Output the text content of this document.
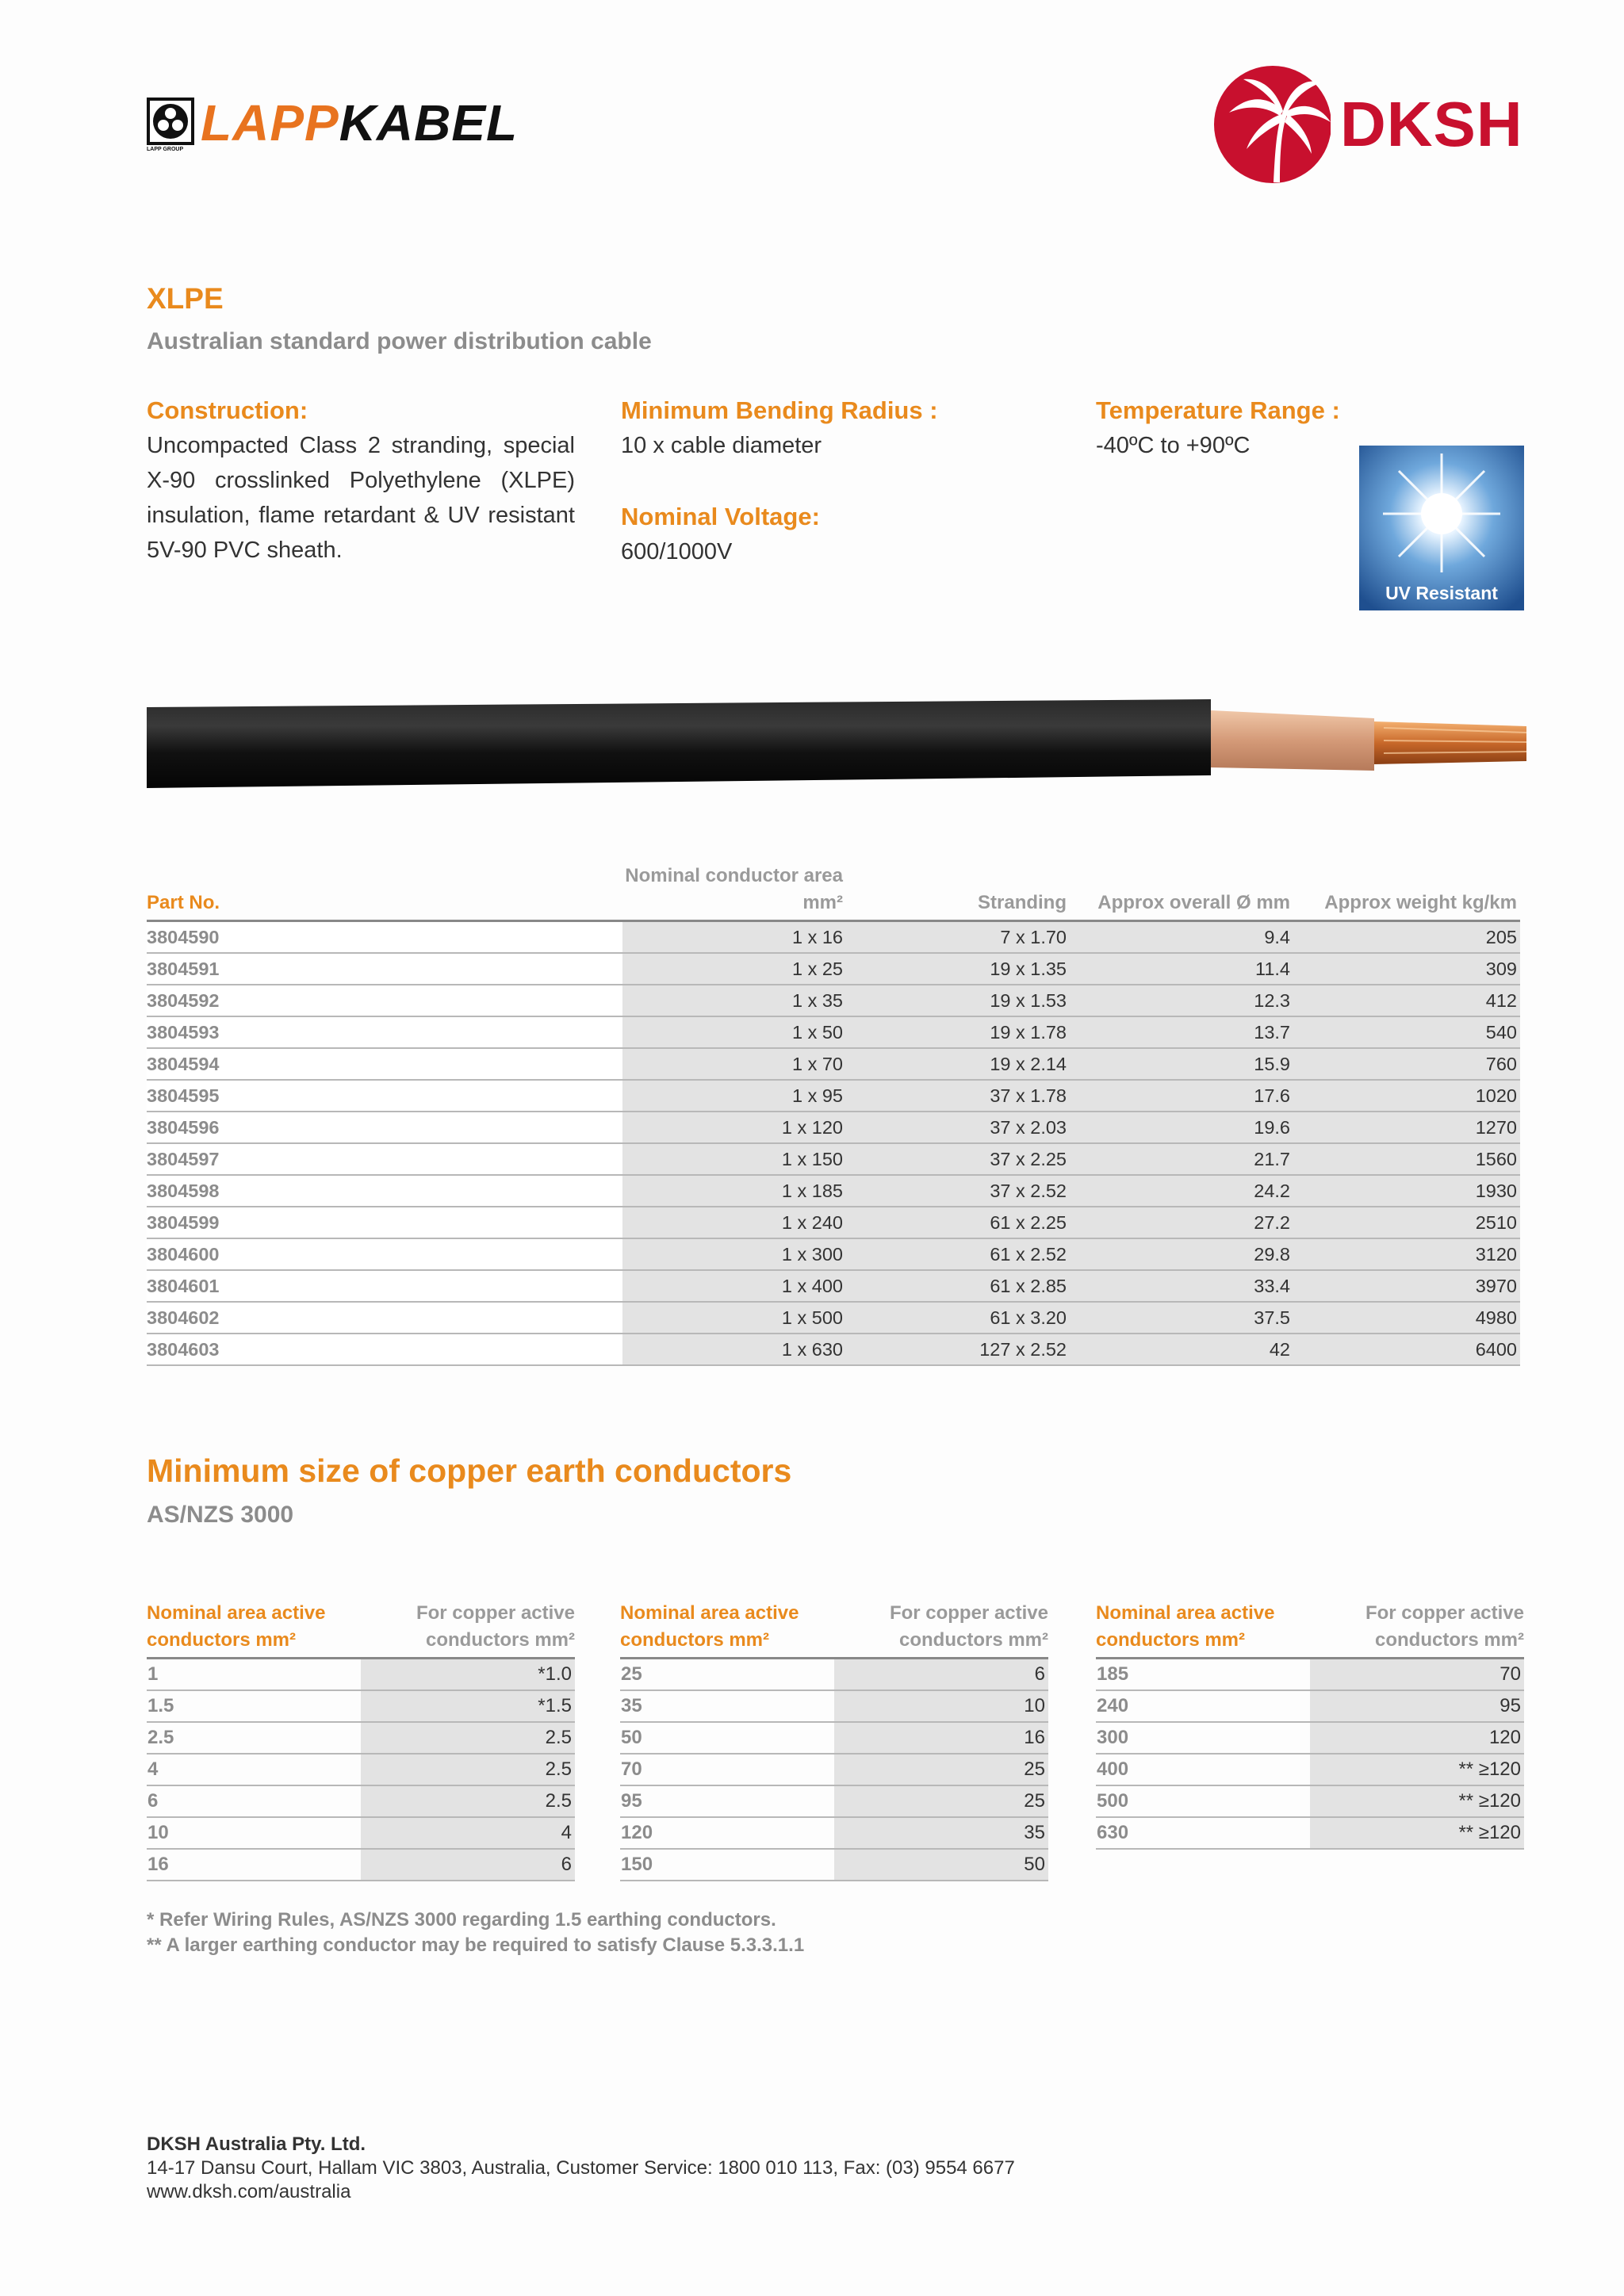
LAPP GROUP LAPPKABEL	DKSH
XLPE
Australian standard power distribution cable
Construction:
Uncompacted Class 2 stranding, special X-90 crosslinked Polyethylene (XLPE) insulation, flame retardant & UV resistant 5V-90 PVC sheath.
Minimum Bending Radius :
10 x cable diameter
Nominal Voltage:
600/1000V
Temperature Range :
-40ºC to +90ºC
UV Resistant
Part No.	Nominal conductor area mm²	Stranding	Approx overall Ø mm	Approx weight kg/km
3804590	1 x 16	7 x 1.70	9.4	205
3804591	1 x 25	19 x 1.35	11.4	309
3804592	1 x 35	19 x 1.53	12.3	412
3804593	1 x 50	19 x 1.78	13.7	540
3804594	1 x 70	19 x 2.14	15.9	760
3804595	1 x 95	37 x 1.78	17.6	1020
3804596	1 x 120	37 x 2.03	19.6	1270
3804597	1 x 150	37 x 2.25	21.7	1560
3804598	1 x 185	37 x 2.52	24.2	1930
3804599	1 x 240	61 x 2.25	27.2	2510
3804600	1 x 300	61 x 2.52	29.8	3120
3804601	1 x 400	61 x 2.85	33.4	3970
3804602	1 x 500	61 x 3.20	37.5	4980
3804603	1 x 630	127 x 2.52	42	6400
Minimum size of copper earth conductors
AS/NZS 3000
Nominal area active conductors mm²	For copper active conductors mm²
1	*1.0
1.5	*1.5
2.5	2.5
4	2.5
6	2.5
10	4
16	6
Nominal area active conductors mm²	For copper active conductors mm²
25	6
35	10
50	16
70	25
95	25
120	35
150	50
Nominal area active conductors mm²	For copper active conductors mm²
185	70
240	95
300	120
400	** ≥120
500	** ≥120
630	** ≥120
* Refer Wiring Rules, AS/NZS 3000 regarding 1.5 earthing conductors.
** A larger earthing conductor may be required to satisfy Clause 5.3.3.1.1
DKSH Australia Pty. Ltd.
14-17 Dansu Court, Hallam VIC 3803, Australia, Customer Service: 1800 010 113, Fax: (03) 9554 6677
www.dksh.com/australia
